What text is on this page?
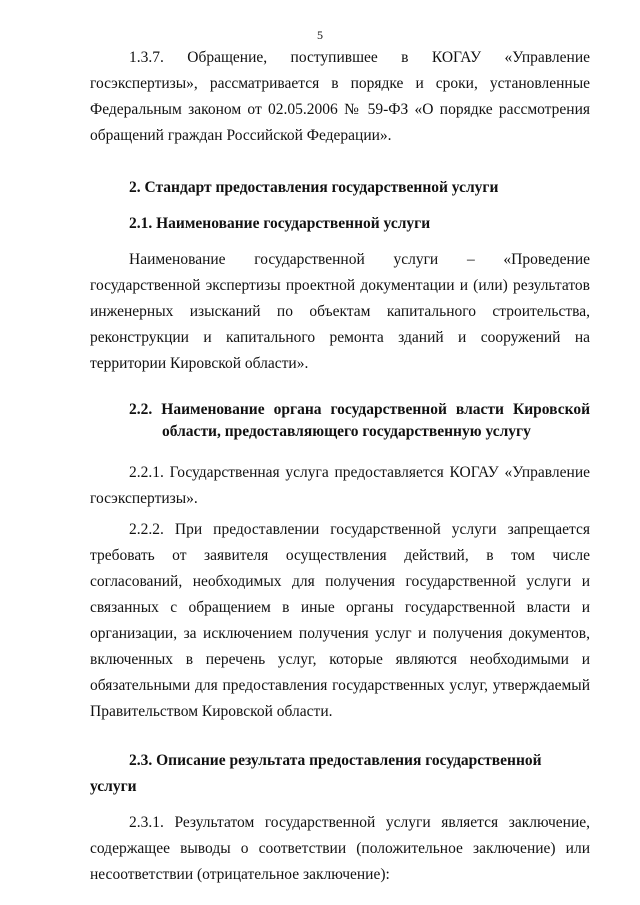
5

1.3.7. Обращение, поступившее в КОГАУ «Управление госэкспертизы», рассматривается в порядке и сроки, установленные Федеральным законом от 02.05.2006 № 59-ФЗ «О порядке рассмотрения обращений граждан Российской Федерации».

2. Стандарт предоставления государственной услуги

2.1. Наименование государственной услуги

Наименование государственной услуги – «Проведение государственной экспертизы проектной документации и (или) результатов инженерных изысканий по объектам капитального строительства, реконструкции и капитального ремонта зданий и сооружений на территории Кировской области».

2.2. Наименование органа государственной власти Кировской области, предоставляющего государственную услугу

2.2.1. Государственная услуга предоставляется КОГАУ «Управление госэкспертизы».

2.2.2. При предоставлении государственной услуги запрещается требовать от заявителя осуществления действий, в том числе согласований, необходимых для получения государственной услуги и связанных с обращением в иные органы государственной власти и организации, за исключением получения услуг и получения документов, включенных в перечень услуг, которые являются необходимыми и обязательными для предоставления государственных услуг, утверждаемый Правительством Кировской области.

2.3. Описание результата предоставления государственной услуги

2.3.1. Результатом государственной услуги является заключение, содержащее выводы о соответствии (положительное заключение) или несоответствии (отрицательное заключение):
